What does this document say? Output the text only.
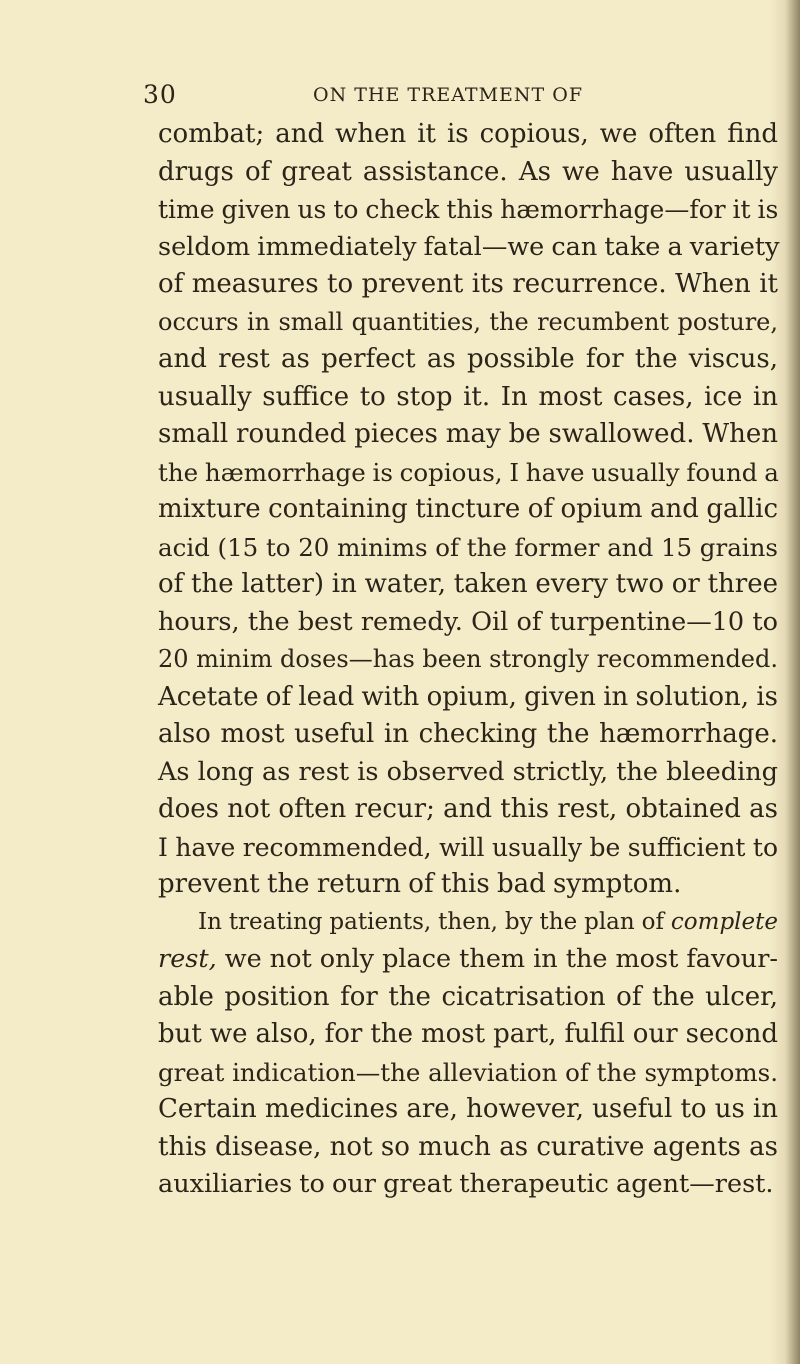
30	ON THE TREATMENT OF
combat; and when it is copious, we often find
drugs of great assistance. As we have usually
time given us to check this hæmorrhage—for it is
seldom immediately fatal—we can take a variety
of measures to prevent its recurrence. When it
occurs in small quantities, the recumbent posture,
and rest as perfect as possible for the viscus,
usually suffice to stop it. In most cases, ice in
small rounded pieces may be swallowed. When
the hæmorrhage is copious, I have usually found a
mixture containing tincture of opium and gallic
acid (15 to 20 minims of the former and 15 grains
of the latter) in water, taken every two or three
hours, the best remedy. Oil of turpentine—10 to
20 minim doses—has been strongly recommended.
Acetate of lead with opium, given in solution, is
also most useful in checking the hæmorrhage.
As long as rest is observed strictly, the bleeding
does not often recur; and this rest, obtained as
I have recommended, will usually be sufficient to
prevent the return of this bad symptom.
In treating patients, then, by the plan of complete
rest, we not only place them in the most favour-
able position for the cicatrisation of the ulcer,
but we also, for the most part, fulfil our second
great indication—the alleviation of the symptoms.
Certain medicines are, however, useful to us in
this disease, not so much as curative agents as
auxiliaries to our great therapeutic agent—rest.
